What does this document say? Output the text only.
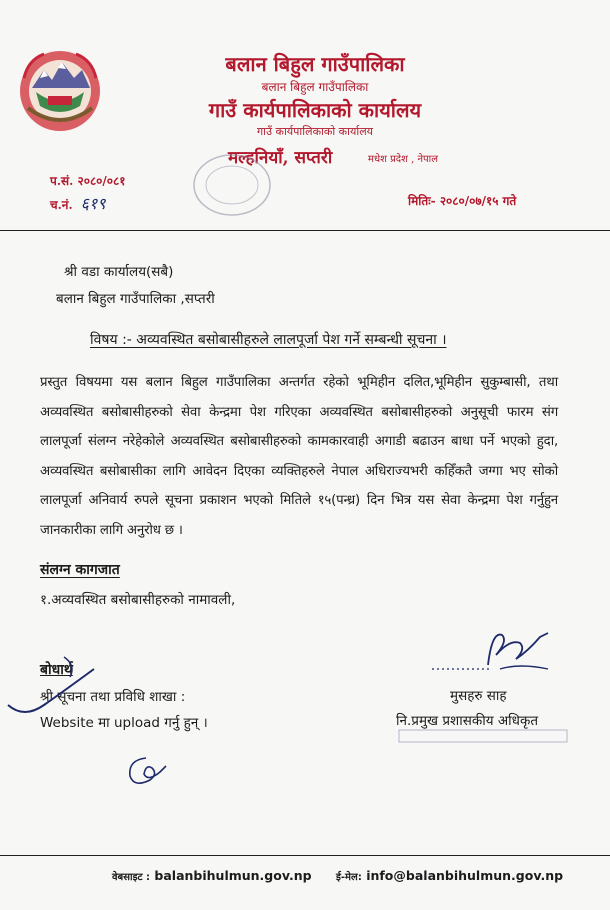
बलान बिहुल गाउँपालिका
बलान बिहुल गाउँपालिका
गाउँ कार्यपालिकाको कार्यालय
गाउँ कार्यपालिकाको कार्यालय
मल्हनियाँ, सप्तरी	मधेश प्रदेश , नेपाल
प.सं. २०८०/०८१
च.नं. ६१९	मितिः- २०८०/०७/१५ गते
श्री वडा कार्यालय(सबै)
बलान बिहुल गाउँपालिका ,सप्तरी
विषय :- अव्यवस्थित बसोबासीहरुले लालपूर्जा पेश गर्ने सम्बन्धी सूचना ।
प्रस्तुत विषयमा यस बलान बिहुल गाउँपालिका अन्तर्गत रहेको भूमिहीन दलित,भूमिहीन सुकुम्बासी, तथा अव्यवस्थित बसोबासीहरुको सेवा केन्द्रमा पेश गरिएका अव्यवस्थित बसोबासीहरुको अनुसूची फारम संग लालपूर्जा संलग्न नरेहेकोले अव्यवस्थित बसोबासीहरुको कामकारवाही अगाडी बढाउन बाधा पर्ने भएको हुदा, अव्यवस्थित बसोबासीका लागि आवेदन दिएका व्यक्तिहरुले नेपाल अधिराज्यभरी कहिँकतै जग्गा भए सोको लालपूर्जा अनिवार्य रुपले सूचना प्रकाशन भएको मितिले १५(पन्ध्र) दिन भित्र यस सेवा केन्द्रमा पेश गर्नुहुन जानकारीका लागि अनुरोध छ ।
संलग्न कागजात
१.अव्यवस्थित बसोबासीहरुको नामावली,
बोधार्थ
श्री सूचना तथा प्रविधि शाखा :
Website मा upload गर्नु हुन् ।
मुसहरु साह
नि.प्रमुख प्रशासकीय अधिकृत
वेबसाइट : balanbihulmun.gov.np ई-मेल: info@balanbihulmun.gov.np
